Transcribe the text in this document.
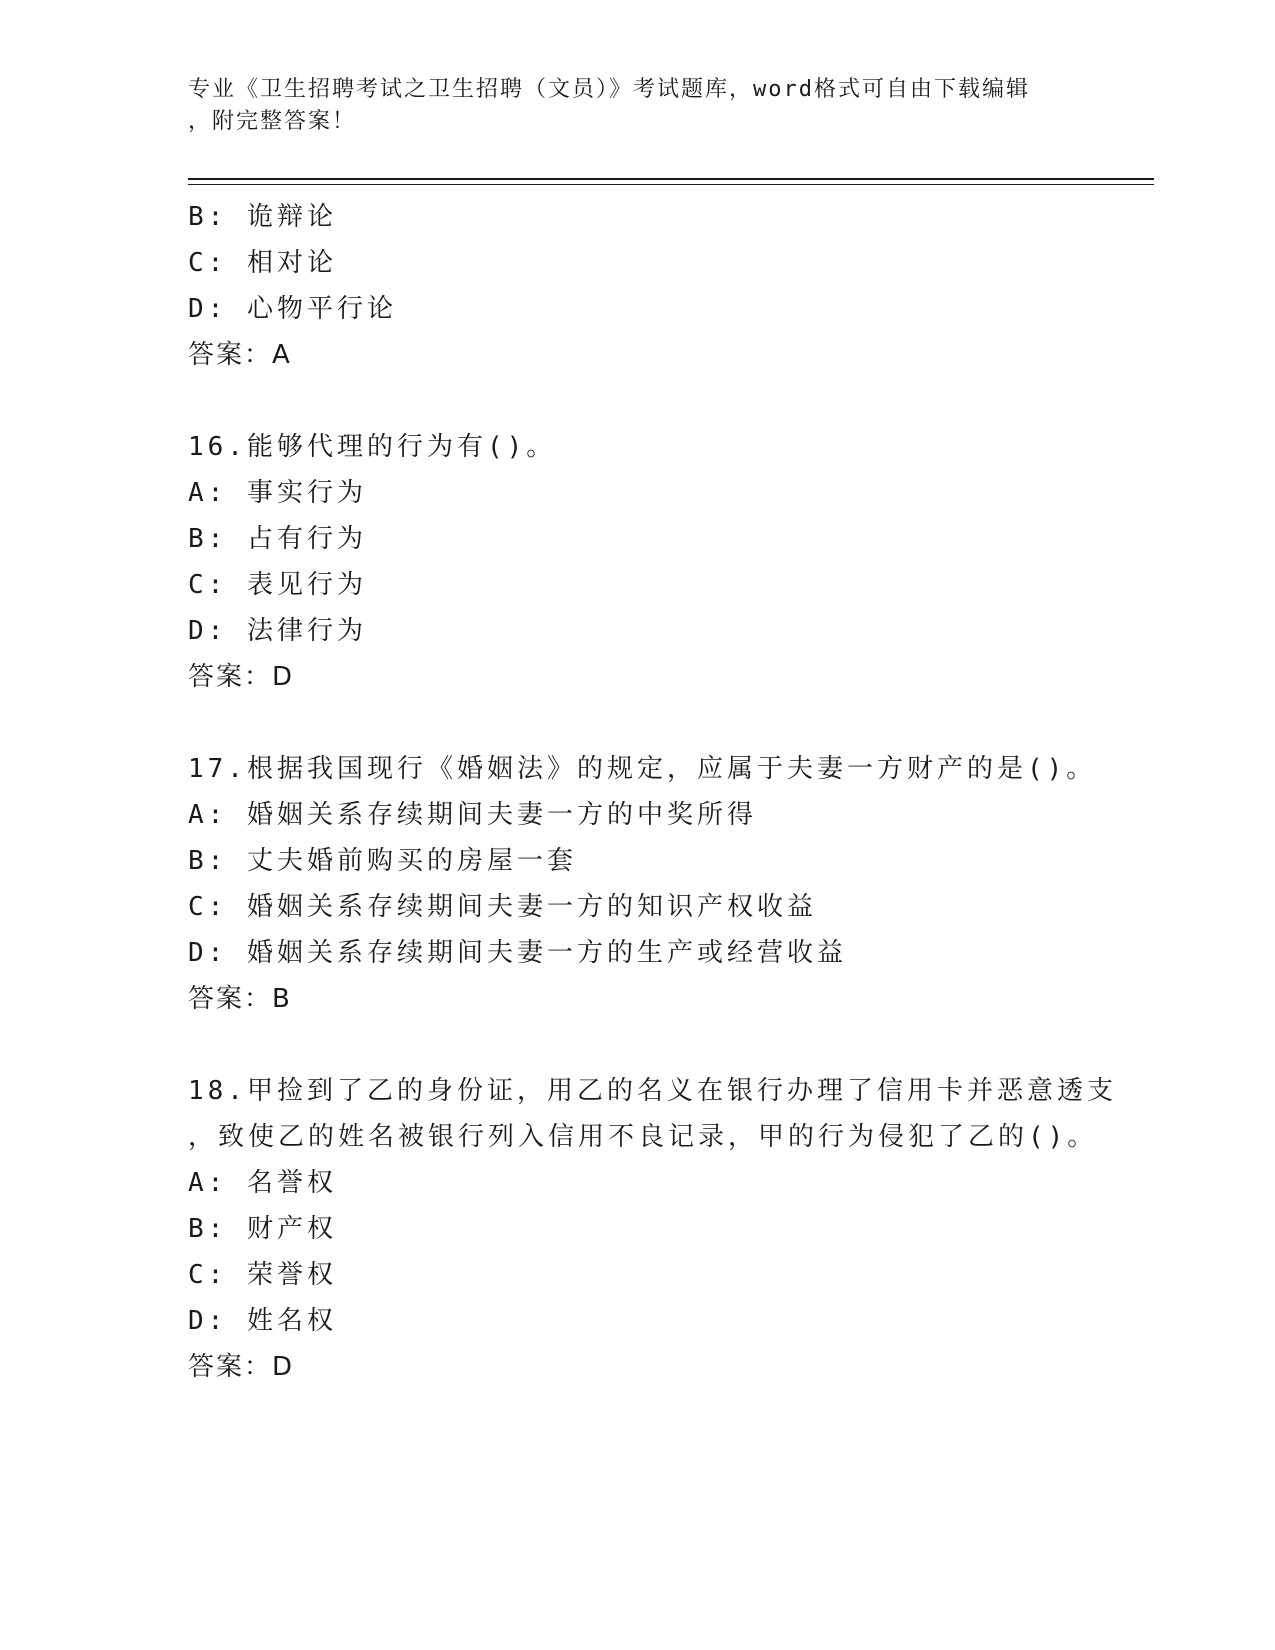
专业《卫生招聘考试之卫生招聘（文员）》考试题库，word格式可自由下载编辑
，附完整答案！
B: 诡辩论
C: 相对论
D: 心物平行论
答案：A
16.能够代理的行为有()。
A: 事实行为
B: 占有行为
C: 表见行为
D: 法律行为
答案：D
17.根据我国现行《婚姻法》的规定，应属于夫妻一方财产的是()。
A: 婚姻关系存续期间夫妻一方的中奖所得
B: 丈夫婚前购买的房屋一套
C: 婚姻关系存续期间夫妻一方的知识产权收益
D: 婚姻关系存续期间夫妻一方的生产或经营收益
答案：B
18.甲捡到了乙的身份证，用乙的名义在银行办理了信用卡并恶意透支
，致使乙的姓名被银行列入信用不良记录，甲的行为侵犯了乙的()。
A: 名誉权
B: 财产权
C: 荣誉权
D: 姓名权
答案：D
